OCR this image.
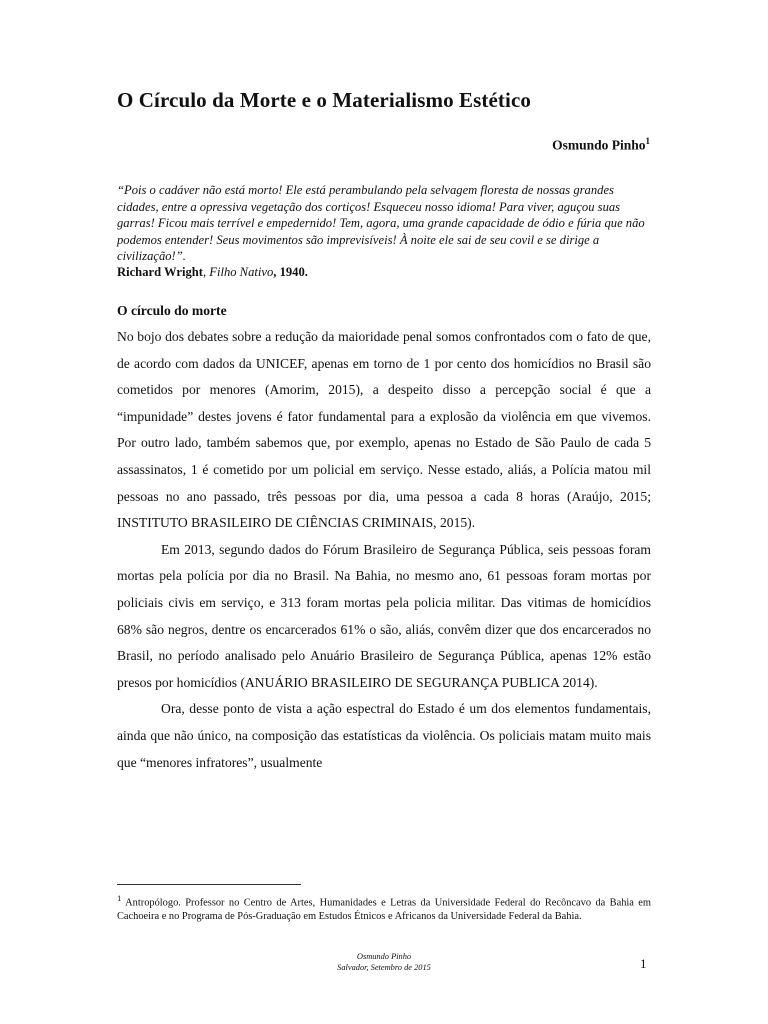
O Círculo da Morte e o Materialismo Estético
Osmundo Pinho$^1$
“Pois o cadáver não está morto! Ele está perambulando pela selvagem floresta de nossas grandes cidades, entre a opressiva vegetação dos cortiços! Esqueceu nosso idioma! Para viver, aguçou suas garras! Ficou mais terrível e empedernido! Tem, agora, uma grande capacidade de ódio e fúria que não podemos entender! Seus movimentos são imprevisíveis! À noite ele sai de seu covil e se dirige a civilização!”.
Richard Wright, Filho Nativo, 1940.
O círculo do morte

No bojo dos debates sobre a redução da maioridade penal somos confrontados com o fato de que, de acordo com dados da UNICEF, apenas em torno de 1 por cento dos homicídios no Brasil são cometidos por menores (Amorim, 2015), a despeito disso a percepção social é que a “impunidade” destes jovens é fator fundamental para a explosão da violência em que vivemos. Por outro lado, também sabemos que, por exemplo, apenas no Estado de São Paulo de cada 5 assassinatos, 1 é cometido por um policial em serviço. Nesse estado, aliás, a Polícia matou mil pessoas no ano passado, três pessoas por dia, uma pessoa a cada 8 horas (Araújo, 2015; INSTITUTO BRASILEIRO DE CIÊNCIAS CRIMINAIS, 2015).

Em 2013, segundo dados do Fórum Brasileiro de Segurança Pública, seis pessoas foram mortas pela polícia por dia no Brasil. Na Bahia, no mesmo ano, 61 pessoas foram mortas por policiais civis em serviço, e 313 foram mortas pela policia militar. Das vitimas de homicídios 68% são negros, dentre os encarcerados 61% o são, aliás, convêm dizer que dos encarcerados no Brasil, no período analisado pelo Anuário Brasileiro de Segurança Pública, apenas 12% estão presos por homicídios (ANUÁRIO BRASILEIRO DE SEGURANÇA PUBLICA 2014).

Ora, desse ponto de vista a ação espectral do Estado é um dos elementos fundamentais, ainda que não único, na composição das estatísticas da violência. Os policiais matam muito mais que “menores infratores”, usualmente

$^1$ Antropólogo. Professor no Centro de Artes, Humanidades e Letras da Universidade Federal do Recôncavo da Bahia em Cachoeira e no Programa de Pós-Graduação em Estudos Étnicos e Africanos da Universidade Federal da Bahia.
Osmundo Pinho
Salvador, Setembro de 2015	1
